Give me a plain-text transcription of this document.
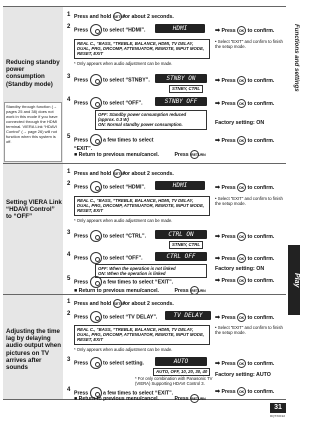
Functions and settings
Play
Reducing standby power consumption (Standby mode)
Standby through function (→ pages 25 and 38) does not work in this mode if you have connected through the HDMI terminal. VIERA Link “HDAVI Control” (→ page 26) will not function when this system is off.
1 Press and hold SETUP for about 2 seconds.
2
Press	to select “HDMI”.	HDMI
REAL C., “BASS, ”TREBLE, BALANCE, HDMI, TV DELAY, DUAL, PRG, DRCOMP, ATTENUATOR, REMOTE, INPUT MODE, RESET, EXIT
* Only appears when audio adjustment can be made.
➡ Press OK to confirm.
• Select “EXIT” and confirm to finish the setup mode.
3
Press	to select “STNBY”.	STNBY ON
STNBY, CTRL
➡ Press OK to confirm.
4
Press	to select “OFF”.	STNBY OFF
OFF: Standby power consumption reduced (approx. 0.3 W)
ON: Normal standby power consumption.
➡ Press OK to confirm.
Factory setting: ON
5
Press	a few times to select
“EXIT”.
➡ Press OK to confirm.
■ Return to previous menu/cancel.	Press RETURN
Setting VIERA Link “HDAVI Control” to “OFF”
1 Press and hold SETUP for about 2 seconds.
2
Press	to select “HDMI”.	HDMI
REAL C., “BASS, ”TREBLE, BALANCE, HDMI, TV DELAY, DUAL, PRG, DRCOMP, ATTENUATOR, REMOTE, INPUT MODE, RESET, EXIT
* Only appears when audio adjustment can be made.
➡ Press OK to confirm.
• Select “EXIT” and confirm to finish the setup mode.
3
Press	to select “CTRL”.	CTRL ON
STNBY, CTRL
➡ Press OK to confirm.
4
Press	to select “OFF”.	CTRL OFF
OFF: When the operation is not linked
ON: When the operation is linked
➡ Press OK to confirm.
Factory setting: ON
5
Press	a few times to select “EXIT”.	➡ Press OK to confirm.
■ Return to previous menu/cancel.	Press RETURN
Adjusting the time lag by delaying audio output when pictures on TV arrives after sounds
1 Press and hold SETUP for about 2 seconds.
2
Press	to select “TV DELAY”.	TV DELAY
REAL C., “BASS, ”TREBLE, BALANCE, HDMI, TV DELAY, DUAL, PRG, DRCOMP, ATTENUATOR, REMOTE, INPUT MODE, RESET, EXIT
* Only appears when audio adjustment can be made.
➡ Press OK to confirm.
• Select “EXIT” and confirm to finish the setup mode.
3
Press	to select setting.	AUTO
AUTO, OFF, 10, 20, 30, 40
* For only combination with Panasonic TV (VIERA) Supporting HDAVI Control 3.
➡ Press OK to confirm.
Factory setting: AUTO
4
Press	a few times to select “EXIT”.	➡ Press OK to confirm.
■ Return to previous menu/cancel.	Press RETURN
31
RQTX0192
